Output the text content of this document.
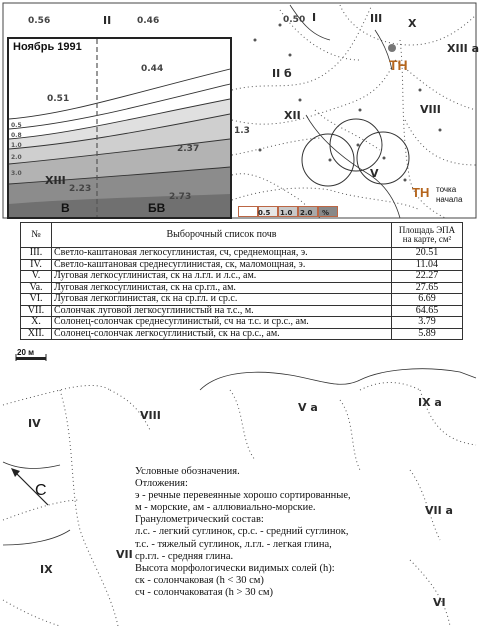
Ноябрь 1991
0.51
0.44
2.37
2.23
2.73
XIII
В	БВ
0.5
0.8
1.0
2.0
3.0
0.56	II	0.46	0.50 I	III X
XIII a
II б
XII	VIII
V
1.3
ТН
ТН точка
начала
0.5 1.0 2.0 %
№	Выборочный список почв	Площадь ЭПА на карте, см²
III.	Светло-каштановая легкосуглинистая, сч, среднемощная, э.	20.51
IV.	Светло-каштановая среднесуглинистая, ск, маломощная, э.	11.04
V.	Луговая легкосуглинистая, ск на л.гл. и л.с., ам.	22.27
Va.	Луговая легкосуглинистая, ск на ср.гл., ам.	27.65
VI.	Луговая легкоглинистая, ск на ср.гл. и ср.с.	6.69
VII.	Солончак луговой легкосуглинистый на т.с., м.	64.65
X.	Солонец-солончак среднесуглинистый, сч на т.с. и ср.с., ам.	3.79
XII.	Солонец-солончак легкосуглинистый, ск на ср.с., ам.	5.89
20 м
С
IV
VIII
V a	IX a
VII a
IX
VII
VI
Условные обозначения.
Отложения:
э - речные перевеянные хорошо сортированные,
м - морские, ам - аллювиально-морские.
Гранулометрический состав:
л.с. - легкий суглинок, ср.с. - средний суглинок,
т.с. - тяжелый суглинок, л.гл. - легкая глина,
ср.гл. - средняя глина.
Высота морфологически видимых солей (h):
ск - солончаковая (h < 30 см)
сч - солончаковатая (h > 30 см)
